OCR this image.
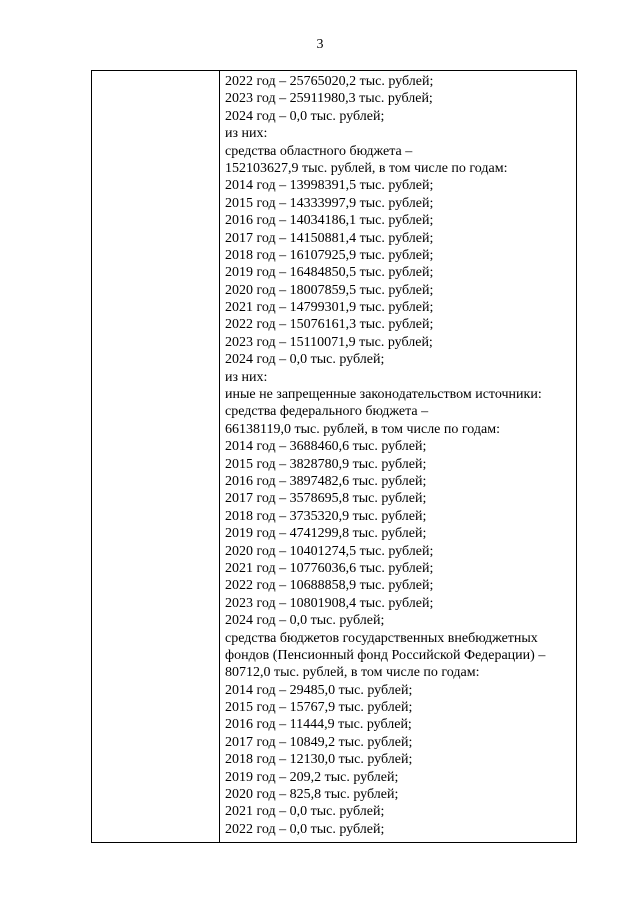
3
2022 год – 25765020,2 тыс. рублей;
2023 год – 25911980,3 тыс. рублей;
2024 год – 0,0 тыс. рублей;
из них:
средства областного бюджета –
152103627,9 тыс. рублей, в том числе по годам:
2014 год – 13998391,5 тыс. рублей;
2015 год – 14333997,9 тыс. рублей;
2016 год – 14034186,1 тыс. рублей;
2017 год – 14150881,4 тыс. рублей;
2018 год – 16107925,9 тыс. рублей;
2019 год – 16484850,5 тыс. рублей;
2020 год – 18007859,5 тыс. рублей;
2021 год – 14799301,9 тыс. рублей;
2022 год – 15076161,3 тыс. рублей;
2023 год – 15110071,9 тыс. рублей;
2024 год – 0,0 тыс. рублей;
из них:
иные не запрещенные законодательством источники:
средства федерального бюджета –
66138119,0 тыс. рублей, в том числе по годам:
2014 год – 3688460,6 тыс. рублей;
2015 год – 3828780,9 тыс. рублей;
2016 год – 3897482,6 тыс. рублей;
2017 год – 3578695,8 тыс. рублей;
2018 год – 3735320,9 тыс. рублей;
2019 год – 4741299,8 тыс. рублей;
2020 год – 10401274,5 тыс. рублей;
2021 год – 10776036,6 тыс. рублей;
2022 год – 10688858,9 тыс. рублей;
2023 год – 10801908,4 тыс. рублей;
2024 год – 0,0 тыс. рублей;
средства бюджетов государственных внебюджетных
фондов (Пенсионный фонд Российской Федерации) –
80712,0 тыс. рублей, в том числе по годам:
2014 год – 29485,0 тыс. рублей;
2015 год – 15767,9 тыс. рублей;
2016 год – 11444,9 тыс. рублей;
2017 год – 10849,2 тыс. рублей;
2018 год – 12130,0 тыс. рублей;
2019 год – 209,2 тыс. рублей;
2020 год – 825,8 тыс. рублей;
2021 год – 0,0 тыс. рублей;
2022 год – 0,0 тыс. рублей;
